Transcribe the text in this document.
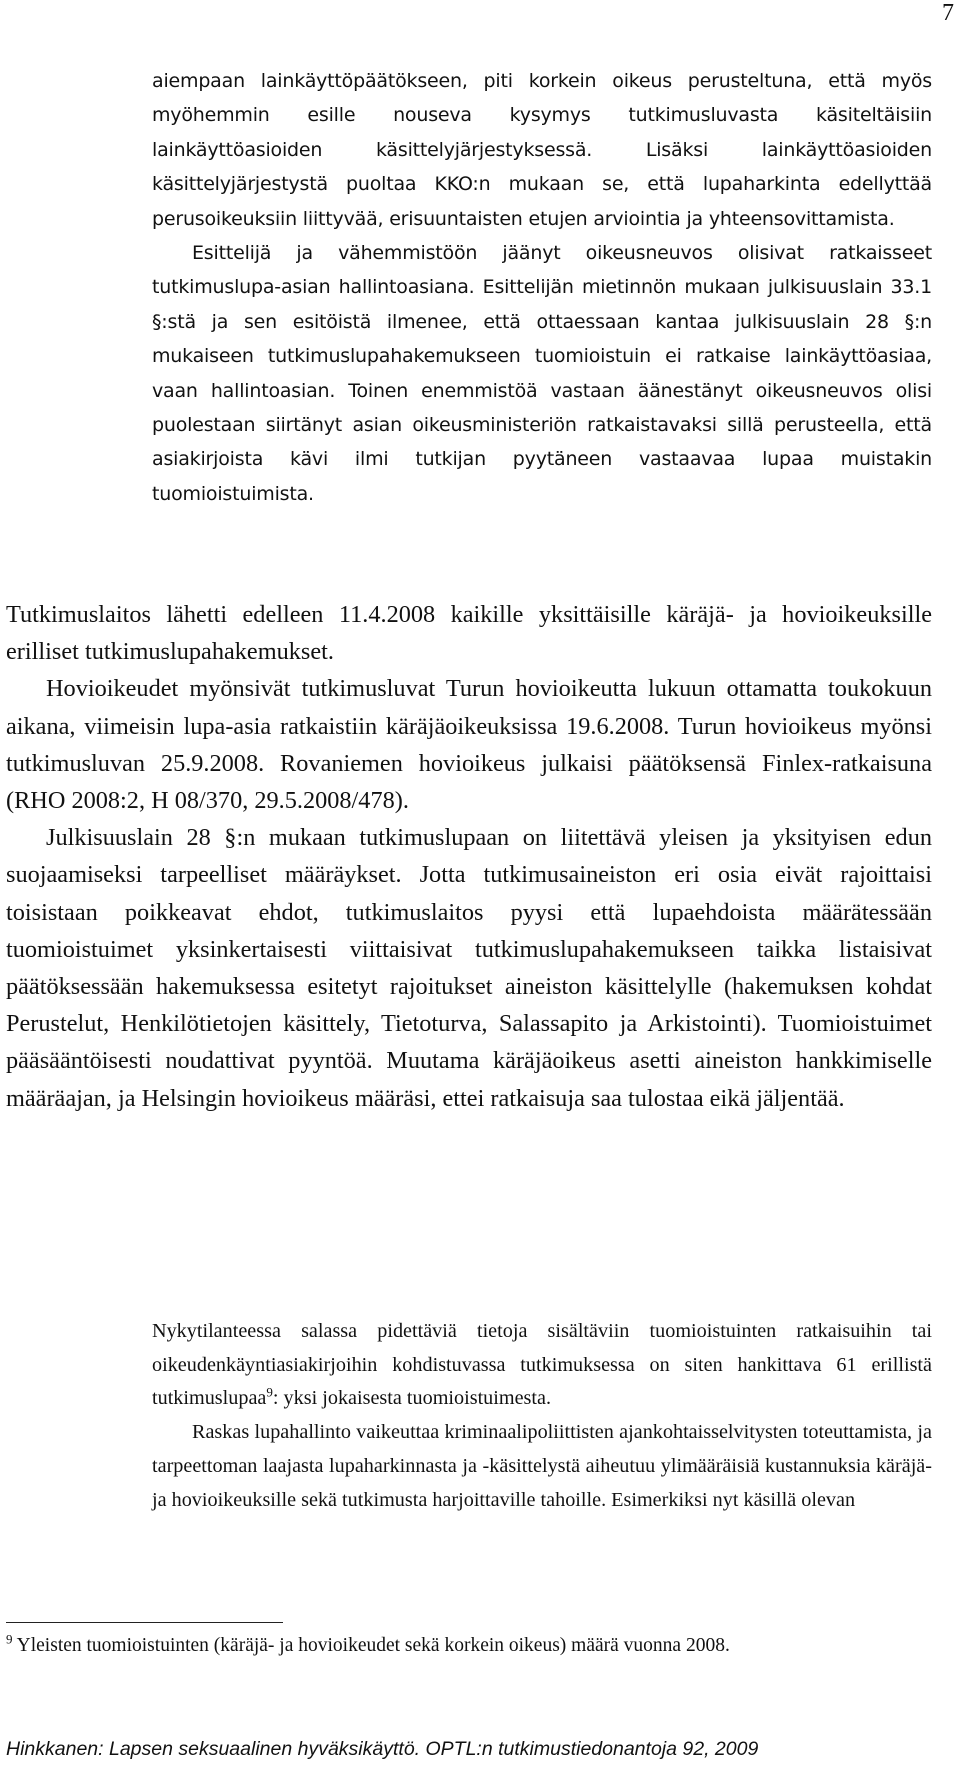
7

aiempaan lainkäyttöpäätökseen, piti korkein oikeus perusteltuna, että myös myöhemmin esille nouseva kysymys tutkimusluvasta käsiteltäisiin lainkäyttöasioiden käsittelyjärjestyksessä. Lisäksi lainkäyttöasioiden käsittelyjärjestystä puoltaa KKO:n mukaan se, että lupaharkinta edellyttää perusoikeuksiin liittyvää, erisuuntaisten etujen arviointia ja yhteensovittamista.

Esittelijä ja vähemmistöön jäänyt oikeusneuvos olisivat ratkaisseet tutkimuslupa-asian hallintoasiana. Esittelijän mietinnön mukaan julkisuuslain 33.1 §:stä ja sen esitöistä ilmenee, että ottaessaan kantaa julkisuuslain 28 §:n mukaiseen tutkimuslupahakemukseen tuomioistuin ei ratkaise lainkäyttöasiaa, vaan hallintoasian. Toinen enemmistöä vastaan äänestänyt oikeusneuvos olisi puolestaan siirtänyt asian oikeusministeriön ratkaistavaksi sillä perusteella, että asiakirjoista kävi ilmi tutkijan pyytäneen vastaavaa lupaa muistakin tuomioistuimista.

Tutkimuslaitos lähetti edelleen 11.4.2008 kaikille yksittäisille käräjä- ja hovioikeuksille erilliset tutkimuslupahakemukset.

Hovioikeudet myönsivät tutkimusluvat Turun hovioikeutta lukuun ottamatta toukokuun aikana, viimeisin lupa-asia ratkaistiin käräjäoikeuksissa 19.6.2008. Turun hovioikeus myönsi tutkimusluvan 25.9.2008. Rovaniemen hovioikeus julkaisi päätöksensä Finlex-ratkaisuna (RHO 2008:2, H 08/370, 29.5.2008/478).

Julkisuuslain 28 §:n mukaan tutkimuslupaan on liitettävä yleisen ja yksityisen edun suojaamiseksi tarpeelliset määräykset. Jotta tutkimusaineiston eri osia eivät rajoittaisi toisistaan poikkeavat ehdot, tutkimuslaitos pyysi että lupaehdoista määrätessään tuomioistuimet yksinkertaisesti viittaisivat tutkimuslupahakemukseen taikka listaisivat päätöksessään hakemuksessa esitetyt rajoitukset aineiston käsittelylle (hakemuksen kohdat Perustelut, Henkilötietojen käsittely, Tietoturva, Salassapito ja Arkistointi). Tuomioistuimet pääsääntöisesti noudattivat pyyntöä. Muutama käräjäoikeus asetti aineiston hankkimiselle määräajan, ja Helsingin hovioikeus määräsi, ettei ratkaisuja saa tulostaa eikä jäljentää.

Nykytilanteessa salassa pidettäviä tietoja sisältäviin tuomioistuinten ratkaisuihin tai oikeudenkäyntiasiakirjoihin kohdistuvassa tutkimuksessa on siten hankittava 61 erillistä tutkimuslupaa$^9$: yksi jokaisesta tuomioistuimesta.

Raskas lupahallinto vaikeuttaa kriminaalipoliittisten ajankohtaisselvitysten toteuttamista, ja tarpeettoman laajasta lupaharkinnasta ja -käsittelystä aiheutuu ylimääräisiä kustannuksia käräjä- ja hovioikeuksille sekä tutkimusta harjoittaville tahoille. Esimerkiksi nyt käsillä olevan

$^9$ Yleisten tuomioistuinten (käräjä- ja hovioikeudet sekä korkein oikeus) määrä vuonna 2008.
Hinkkanen: Lapsen seksuaalinen hyväksikäyttö. OPTL:n tutkimustiedonantoja 92, 2009
